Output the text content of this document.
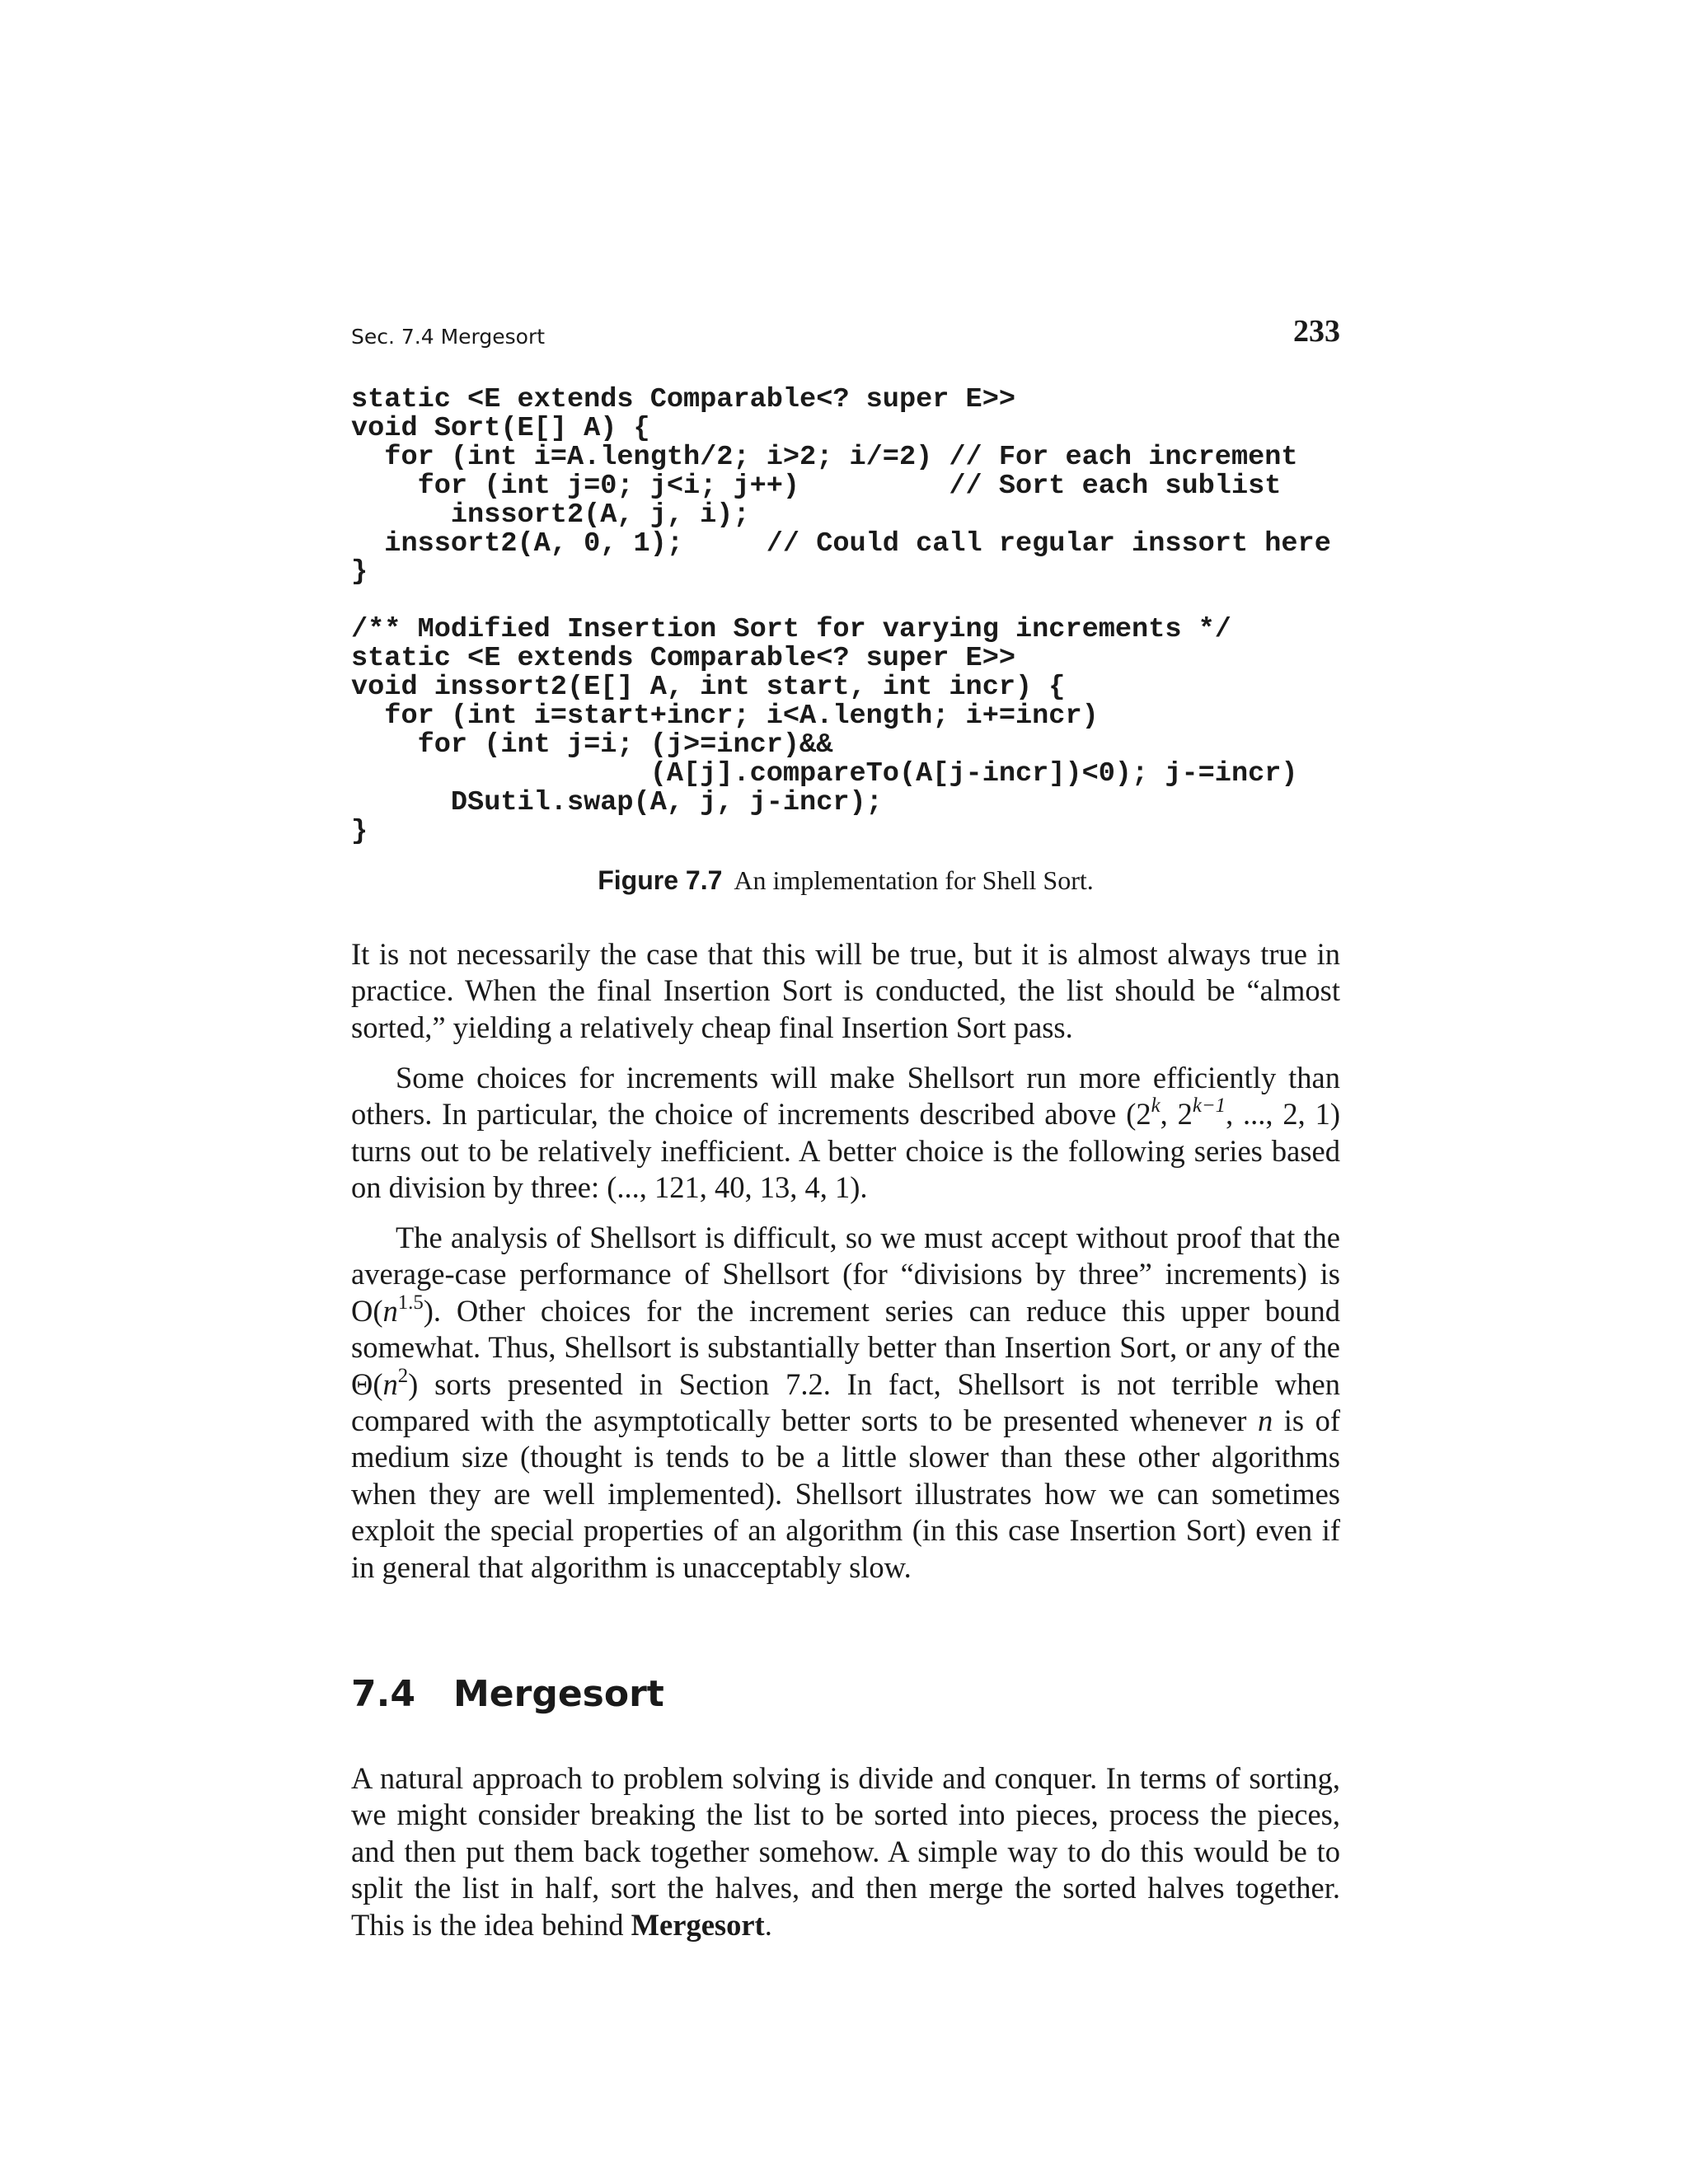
Sec. 7.4 Mergesort	233
static <E extends Comparable<? super E>>
void Sort(E[] A) {
for (int i=A.length/2; i>2; i/=2) // For each increment
for (int j=0; j<i; j++)         // Sort each sublist
inssort2(A, j, i);
inssort2(A, 0, 1);     // Could call regular inssort here
}

/** Modified Insertion Sort for varying increments */
static <E extends Comparable<? super E>>
void inssort2(E[] A, int start, int incr) {
for (int i=start+incr; i<A.length; i+=incr)
for (int j=i; (j>=incr)&&
(A[j].compareTo(A[j-incr])<0); j-=incr)
DSutil.swap(A, j, j-incr);
}
Figure 7.7 An implementation for Shell Sort.

It is not necessarily the case that this will be true, but it is almost always true in practice. When the final Insertion Sort is conducted, the list should be “almost sorted,” yielding a relatively cheap final Insertion Sort pass.

Some choices for increments will make Shellsort run more efficiently than others. In particular, the choice of increments described above (2$^k$, $2^{k-1}$, ..., 2, 1) turns out to be relatively inefficient. A better choice is the following series based on division by three: (..., 121, 40, 13, 4, 1).

The analysis of Shellsort is difficult, so we must accept without proof that the average-case performance of Shellsort (for “divisions by three” increments) is $O(n^{1.5})$. Other choices for the increment series can reduce this upper bound somewhat. Thus, Shellsort is substantially better than Insertion Sort, or any of the $\Theta(n^2)$ sorts presented in Section 7.2. In fact, Shellsort is not terrible when compared with the asymptotically better sorts to be presented whenever n is of medium size (thought is tends to be a little slower than these other algorithms when they are well implemented). Shellsort illustrates how we can sometimes exploit the special properties of an algorithm (in this case Insertion Sort) even if in general that algorithm is unacceptably slow.

7.4 Mergesort

A natural approach to problem solving is divide and conquer. In terms of sorting, we might consider breaking the list to be sorted into pieces, process the pieces, and then put them back together somehow. A simple way to do this would be to split the list in half, sort the halves, and then merge the sorted halves together. This is the idea behind Mergesort.
